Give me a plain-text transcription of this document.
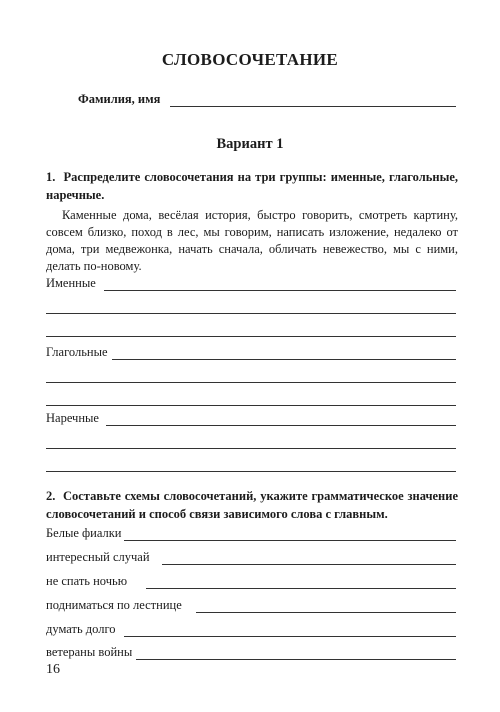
СЛОВОСОЧЕТАНИЕ
Фамилия, имя
Вариант 1
1. Распределите словосочетания на три группы: именные, глагольные, наречные.
Каменные дома, весёлая история, быстро говорить, смотреть картину, совсем близко, поход в лес, мы говорим, написать изложение, недалеко от дома, три медвежонка, начать сначала, обличать невежество, мы с ними, делать по-новому.
Именные
Глагольные
Наречные
2. Составьте схемы словосочетаний, укажите грамматическое значение словосочетаний и способ связи зависимого слова с главным.
Белые фиалки
интересный случай
не спать ночью
подниматься по лестнице
думать долго
ветераны войны
16
